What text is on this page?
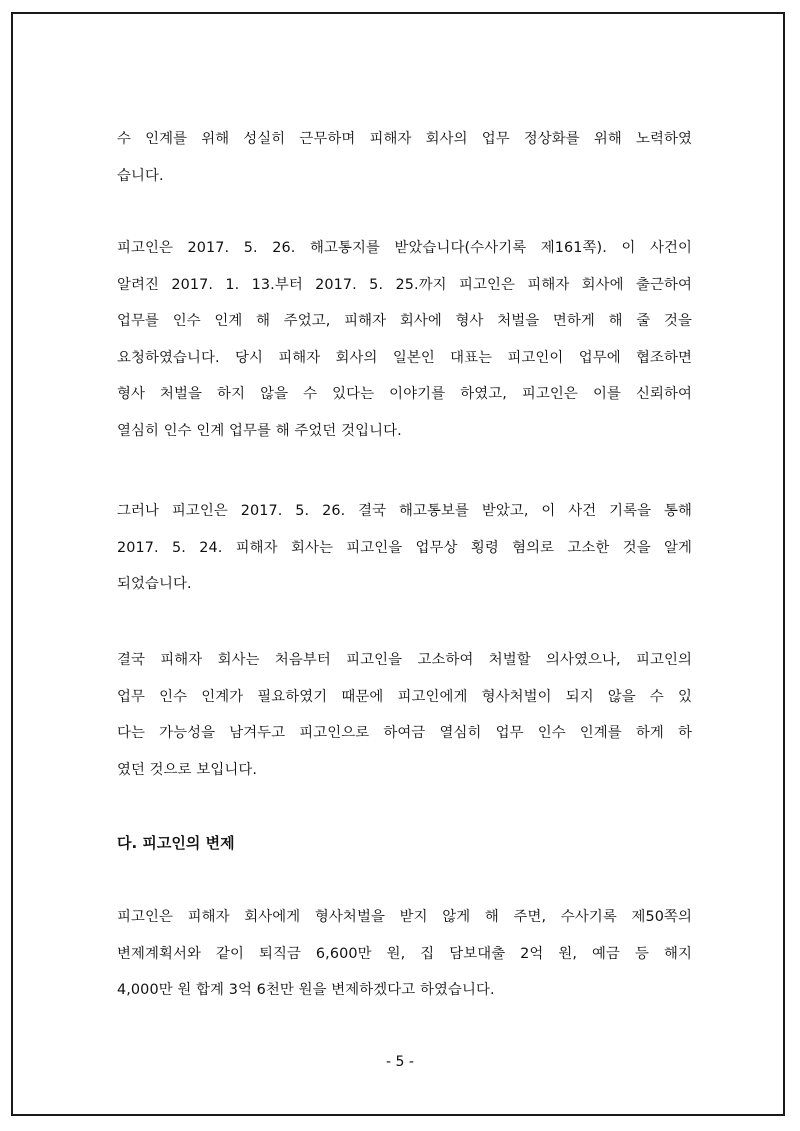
수 인계를 위해 성실히 근무하며 피해자 회사의 업무 정상화를 위해 노력하였
습니다.
피고인은 2017. 5. 26. 해고통지를 받았습니다(수사기록 제161쪽). 이 사건이
알려진 2017. 1. 13.부터 2017. 5. 25.까지 피고인은 피해자 회사에 출근하여
업무를 인수 인계 해 주었고, 피해자 회사에 형사 처벌을 면하게 해 줄 것을
요청하였습니다. 당시 피해자 회사의 일본인 대표는 피고인이 업무에 협조하면
형사 처벌을 하지 않을 수 있다는 이야기를 하였고, 피고인은 이를 신뢰하여
열심히 인수 인계 업무를 해 주었던 것입니다.
그러나 피고인은 2017. 5. 26. 결국 해고통보를 받았고, 이 사건 기록을 통해
2017. 5. 24. 피해자 회사는 피고인을 업무상 횡령 혐의로 고소한 것을 알게
되었습니다.
결국 피해자 회사는 처음부터 피고인을 고소하여 처벌할 의사였으나, 피고인의
업무 인수 인계가 필요하였기 때문에 피고인에게 형사처벌이 되지 않을 수 있
다는 가능성을 남겨두고 피고인으로 하여금 열심히 업무 인수 인계를 하게 하
였던 것으로 보입니다.
다. 피고인의 변제
피고인은 피해자 회사에게 형사처벌을 받지 않게 해 주면, 수사기록 제50쪽의
변제계획서와 같이 퇴직금 6,600만 원, 집 담보대출 2억 원, 예금 등 해지
4,000만 원 합계 3억 6천만 원을 변제하겠다고 하였습니다.
- 5 -
